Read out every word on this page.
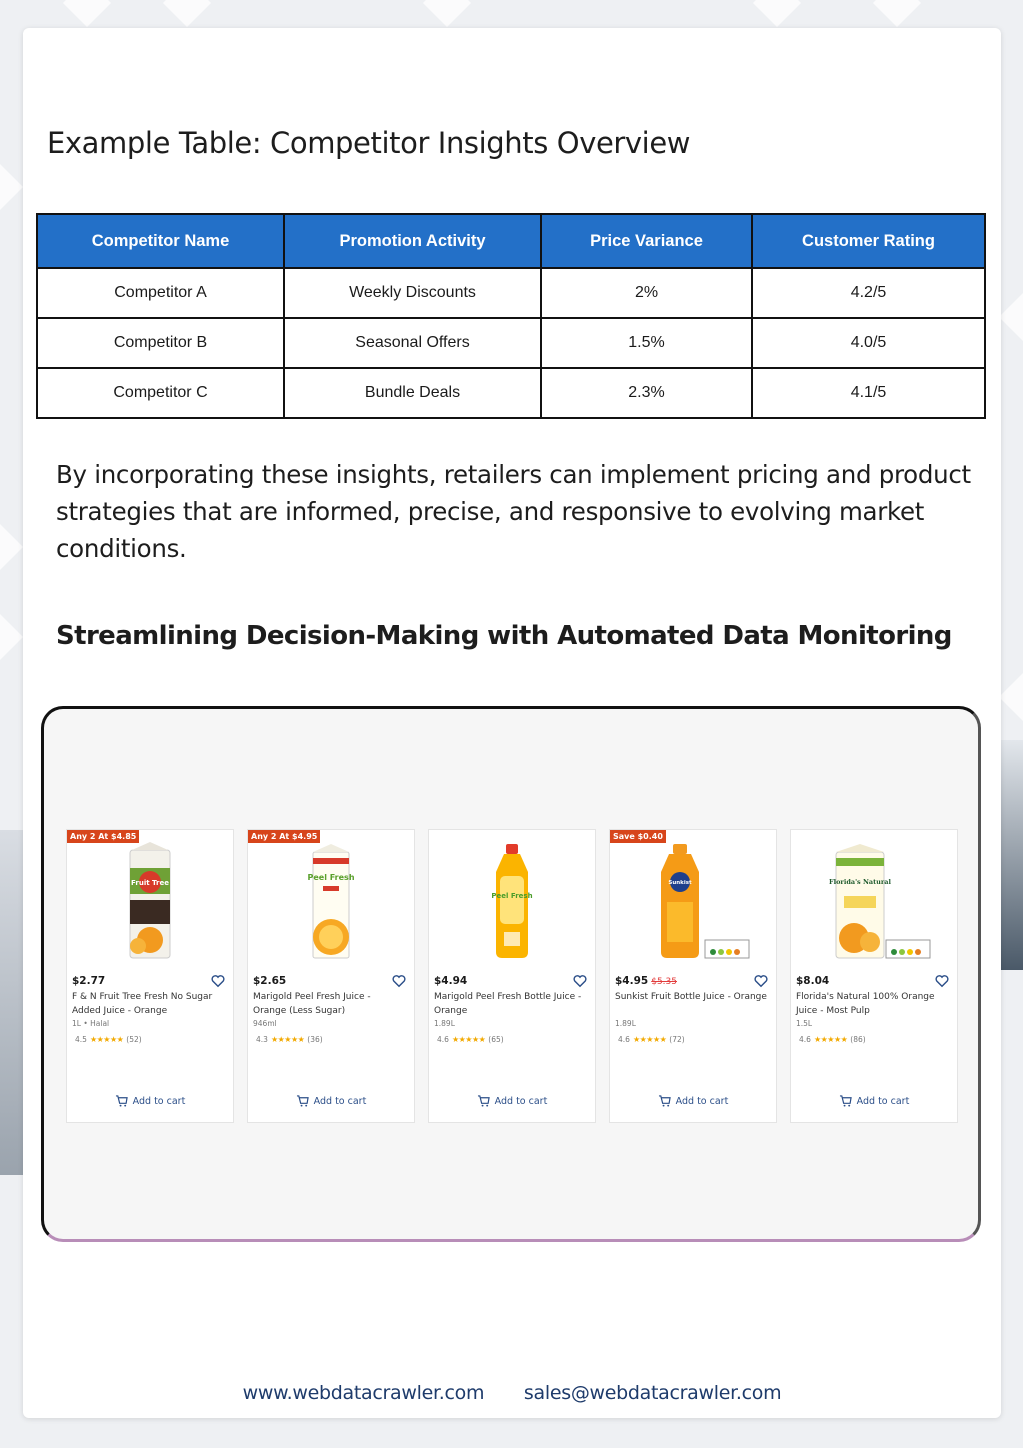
Example Table: Competitor Insights Overview
Competitor Name	Promotion Activity	Price Variance	Customer Rating
Competitor A	Weekly Discounts	2%	4.2/5
Competitor B	Seasonal Offers	1.5%	4.0/5
Competitor C	Bundle Deals	2.3%	4.1/5

By incorporating these insights, retailers can implement pricing and product strategies that are informed, precise, and responsive to evolving market conditions.

Streamlining Decision-Making with Automated Data Monitoring
Any 2 At $4.85
Fruit Tree
$2.77
F & N Fruit Tree Fresh No Sugar Added Juice - Orange
1L • Halal
4.5 ★★★★★ (52)
Add to cart
Any 2 At $4.95
Peel Fresh
$2.65
Marigold Peel Fresh Juice - Orange (Less Sugar)
946ml
4.3 ★★★★★ (36)
Add to cart
Peel Fresh
$4.94
Marigold Peel Fresh Bottle Juice - Orange
1.89L
4.6 ★★★★★ (65)
Add to cart
Save $0.40
Sunkist
$4.95 $5.35
Sunkist Fruit Bottle Juice - Orange
1.89L
4.6 ★★★★★ (72)
Add to cart
Florida's Natural
$8.04
Florida's Natural 100% Orange Juice - Most Pulp
1.5L
4.6 ★★★★★ (86)
Add to cart
www.webdatacrawler.com sales@webdatacrawler.com
